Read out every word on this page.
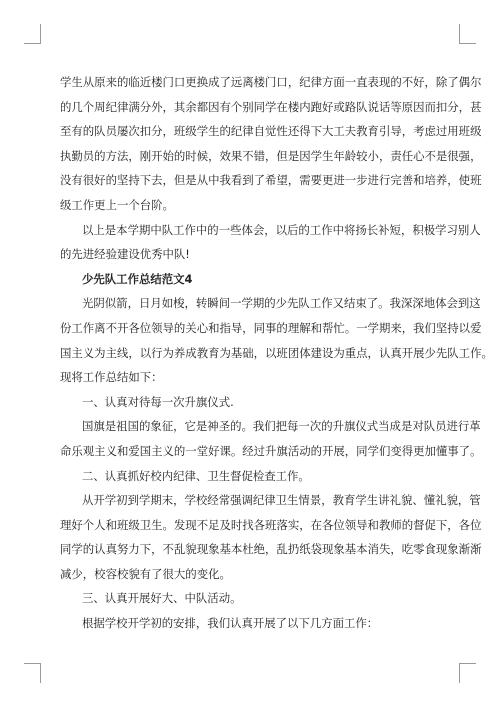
学生从原来的临近楼门口更换成了远离楼门口，纪律方面一直表现的不好，除了偶尔
的几个周纪律满分外，其余都因有个别同学在楼内跑好或路队说话等原因而扣分，甚
至有的队员屡次扣分，班级学生的纪律自觉性还得下大工夫教育引导，考虑过用班级
执勤员的方法，刚开始的时候，效果不错，但是因学生年龄较小，责任心不是很强，
没有很好的坚持下去，但是从中我看到了希望，需要更进一步进行完善和培养，使班
级工作更上一个台阶。
以上是本学期中队工作中的一些体会，以后的工作中将扬长补短，积极学习别人
的先进经验建设优秀中队!
少先队工作总结范文4
光阴似箭，日月如梭，转瞬间一学期的少先队工作又结束了。我深深地体会到这
份工作离不开各位领导的关心和指导，同事的理解和帮忙。一学期来，我们坚持以爱
国主义为主线，以行为养成教育为基础，以班团体建设为重点，认真开展少先队工作。
现将工作总结如下：
一、认真对待每一次升旗仪式.
国旗是祖国的象征，它是神圣的。我们把每一次的升旗仪式当成是对队员进行革
命乐观主义和爱国主义的一堂好课。经过升旗活动的开展，同学们变得更加懂事了。
二、认真抓好校内纪律、卫生督促检查工作。
从开学初到学期末，学校经常强调纪律卫生情景，教育学生讲礼貌、懂礼貌，管
理好个人和班级卫生。发现不足及时找各班落实，在各位领导和教师的督促下，各位
同学的认真努力下，不乱貌现象基本杜绝，乱扔纸袋现象基本消失，吃零食现象渐渐
减少，校容校貌有了很大的变化。
三、认真开展好大、中队活动。
根据学校开学初的安排，我们认真开展了以下几方面工作：
